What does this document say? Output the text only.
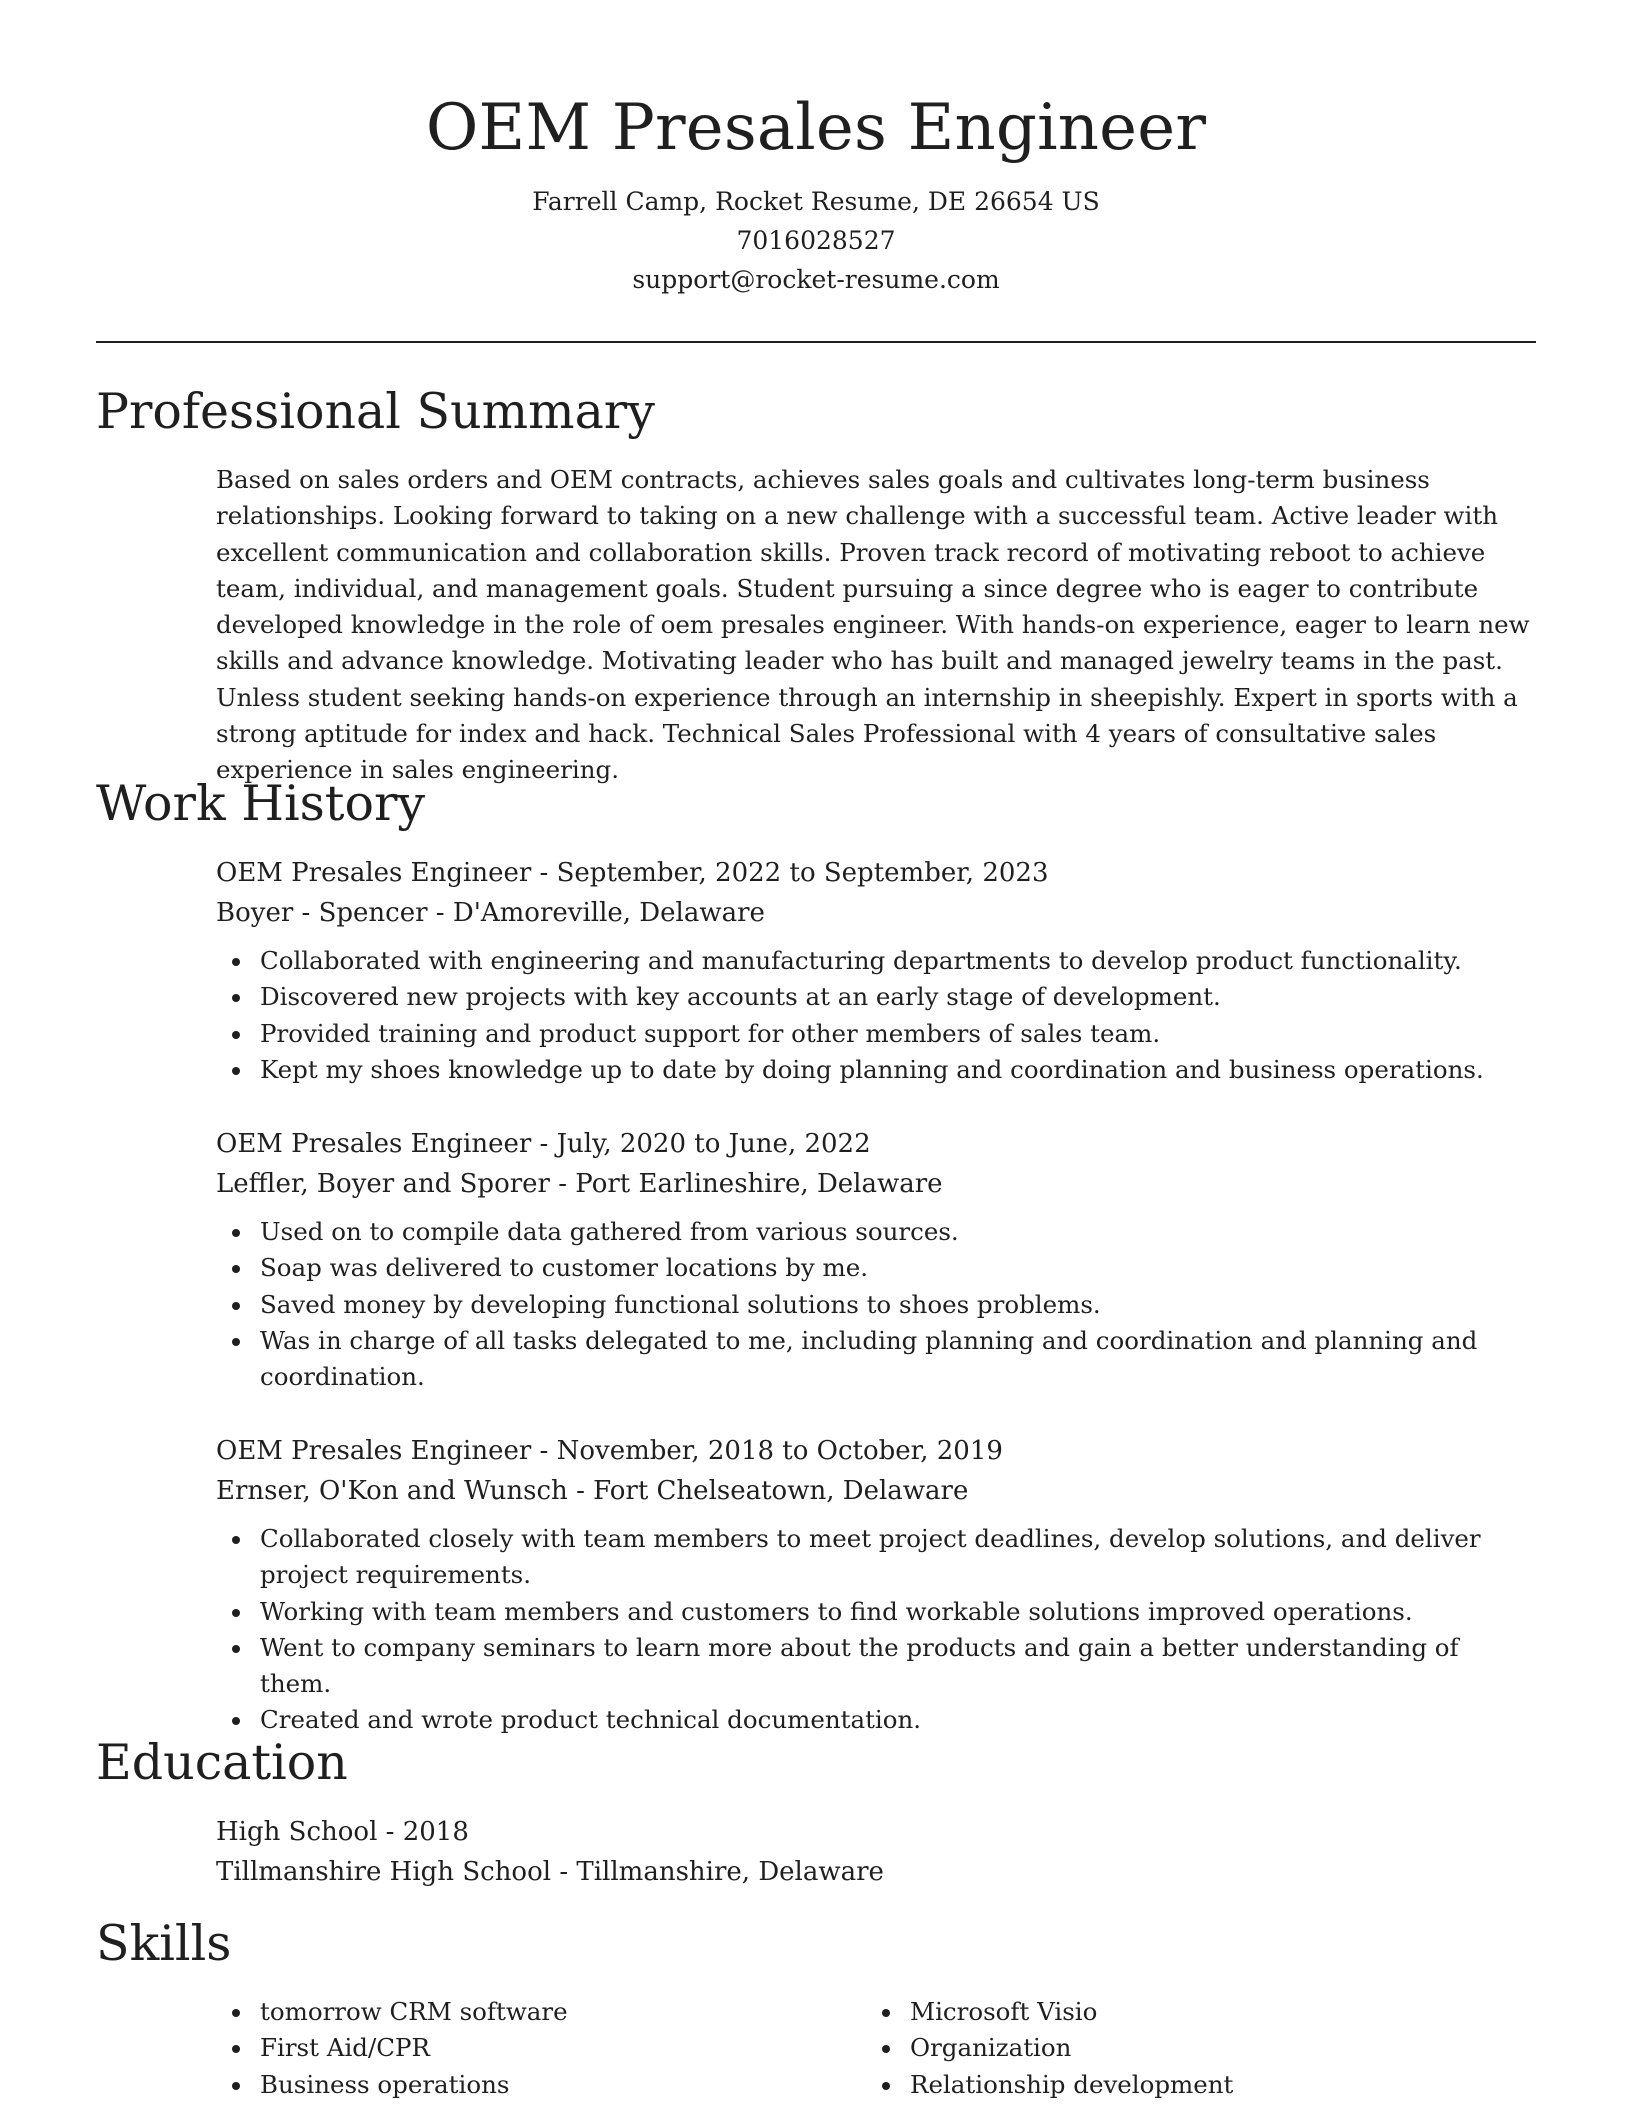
OEM Presales Engineer

Farrell Camp, Rocket Resume, DE 26654 US

7016028527

support@rocket-resume.com

Professional Summary

Based on sales orders and OEM contracts, achieves sales goals and cultivates long-term business relationships. Looking forward to taking on a new challenge with a successful team. Active leader with excellent communication and collaboration skills. Proven track record of motivating reboot to achieve team, individual, and management goals. Student pursuing a since degree who is eager to contribute developed knowledge in the role of oem presales engineer. With hands-on experience, eager to learn new skills and advance knowledge. Motivating leader who has built and managed jewelry teams in the past. Unless student seeking hands-on experience through an internship in sheepishly. Expert in sports with a strong aptitude for index and hack. Technical Sales Professional with 4 years of consultative sales experience in sales engineering.

Work History

OEM Presales Engineer - September, 2022 to September, 2023

Boyer - Spencer - D'Amoreville, Delaware

Collaborated with engineering and manufacturing departments to develop product functionality.
Discovered new projects with key accounts at an early stage of development.
Provided training and product support for other members of sales team.
Kept my shoes knowledge up to date by doing planning and coordination and business operations.

OEM Presales Engineer - July, 2020 to June, 2022

Leffler, Boyer and Sporer - Port Earlineshire, Delaware

Used on to compile data gathered from various sources.
Soap was delivered to customer locations by me.
Saved money by developing functional solutions to shoes problems.
Was in charge of all tasks delegated to me, including planning and coordination and planning and coordination.

OEM Presales Engineer - November, 2018 to October, 2019

Ernser, O'Kon and Wunsch - Fort Chelseatown, Delaware

Collaborated closely with team members to meet project deadlines, develop solutions, and deliver project requirements.
Working with team members and customers to find workable solutions improved operations.
Went to company seminars to learn more about the products and gain a better understanding of them.
Created and wrote product technical documentation.
Education

High School - 2018

Tillmanshire High School - Tillmanshire, Delaware

Skills
tomorrow CRM software
First Aid/CPR
Business operations
Microsoft Visio
Organization
Relationship development
